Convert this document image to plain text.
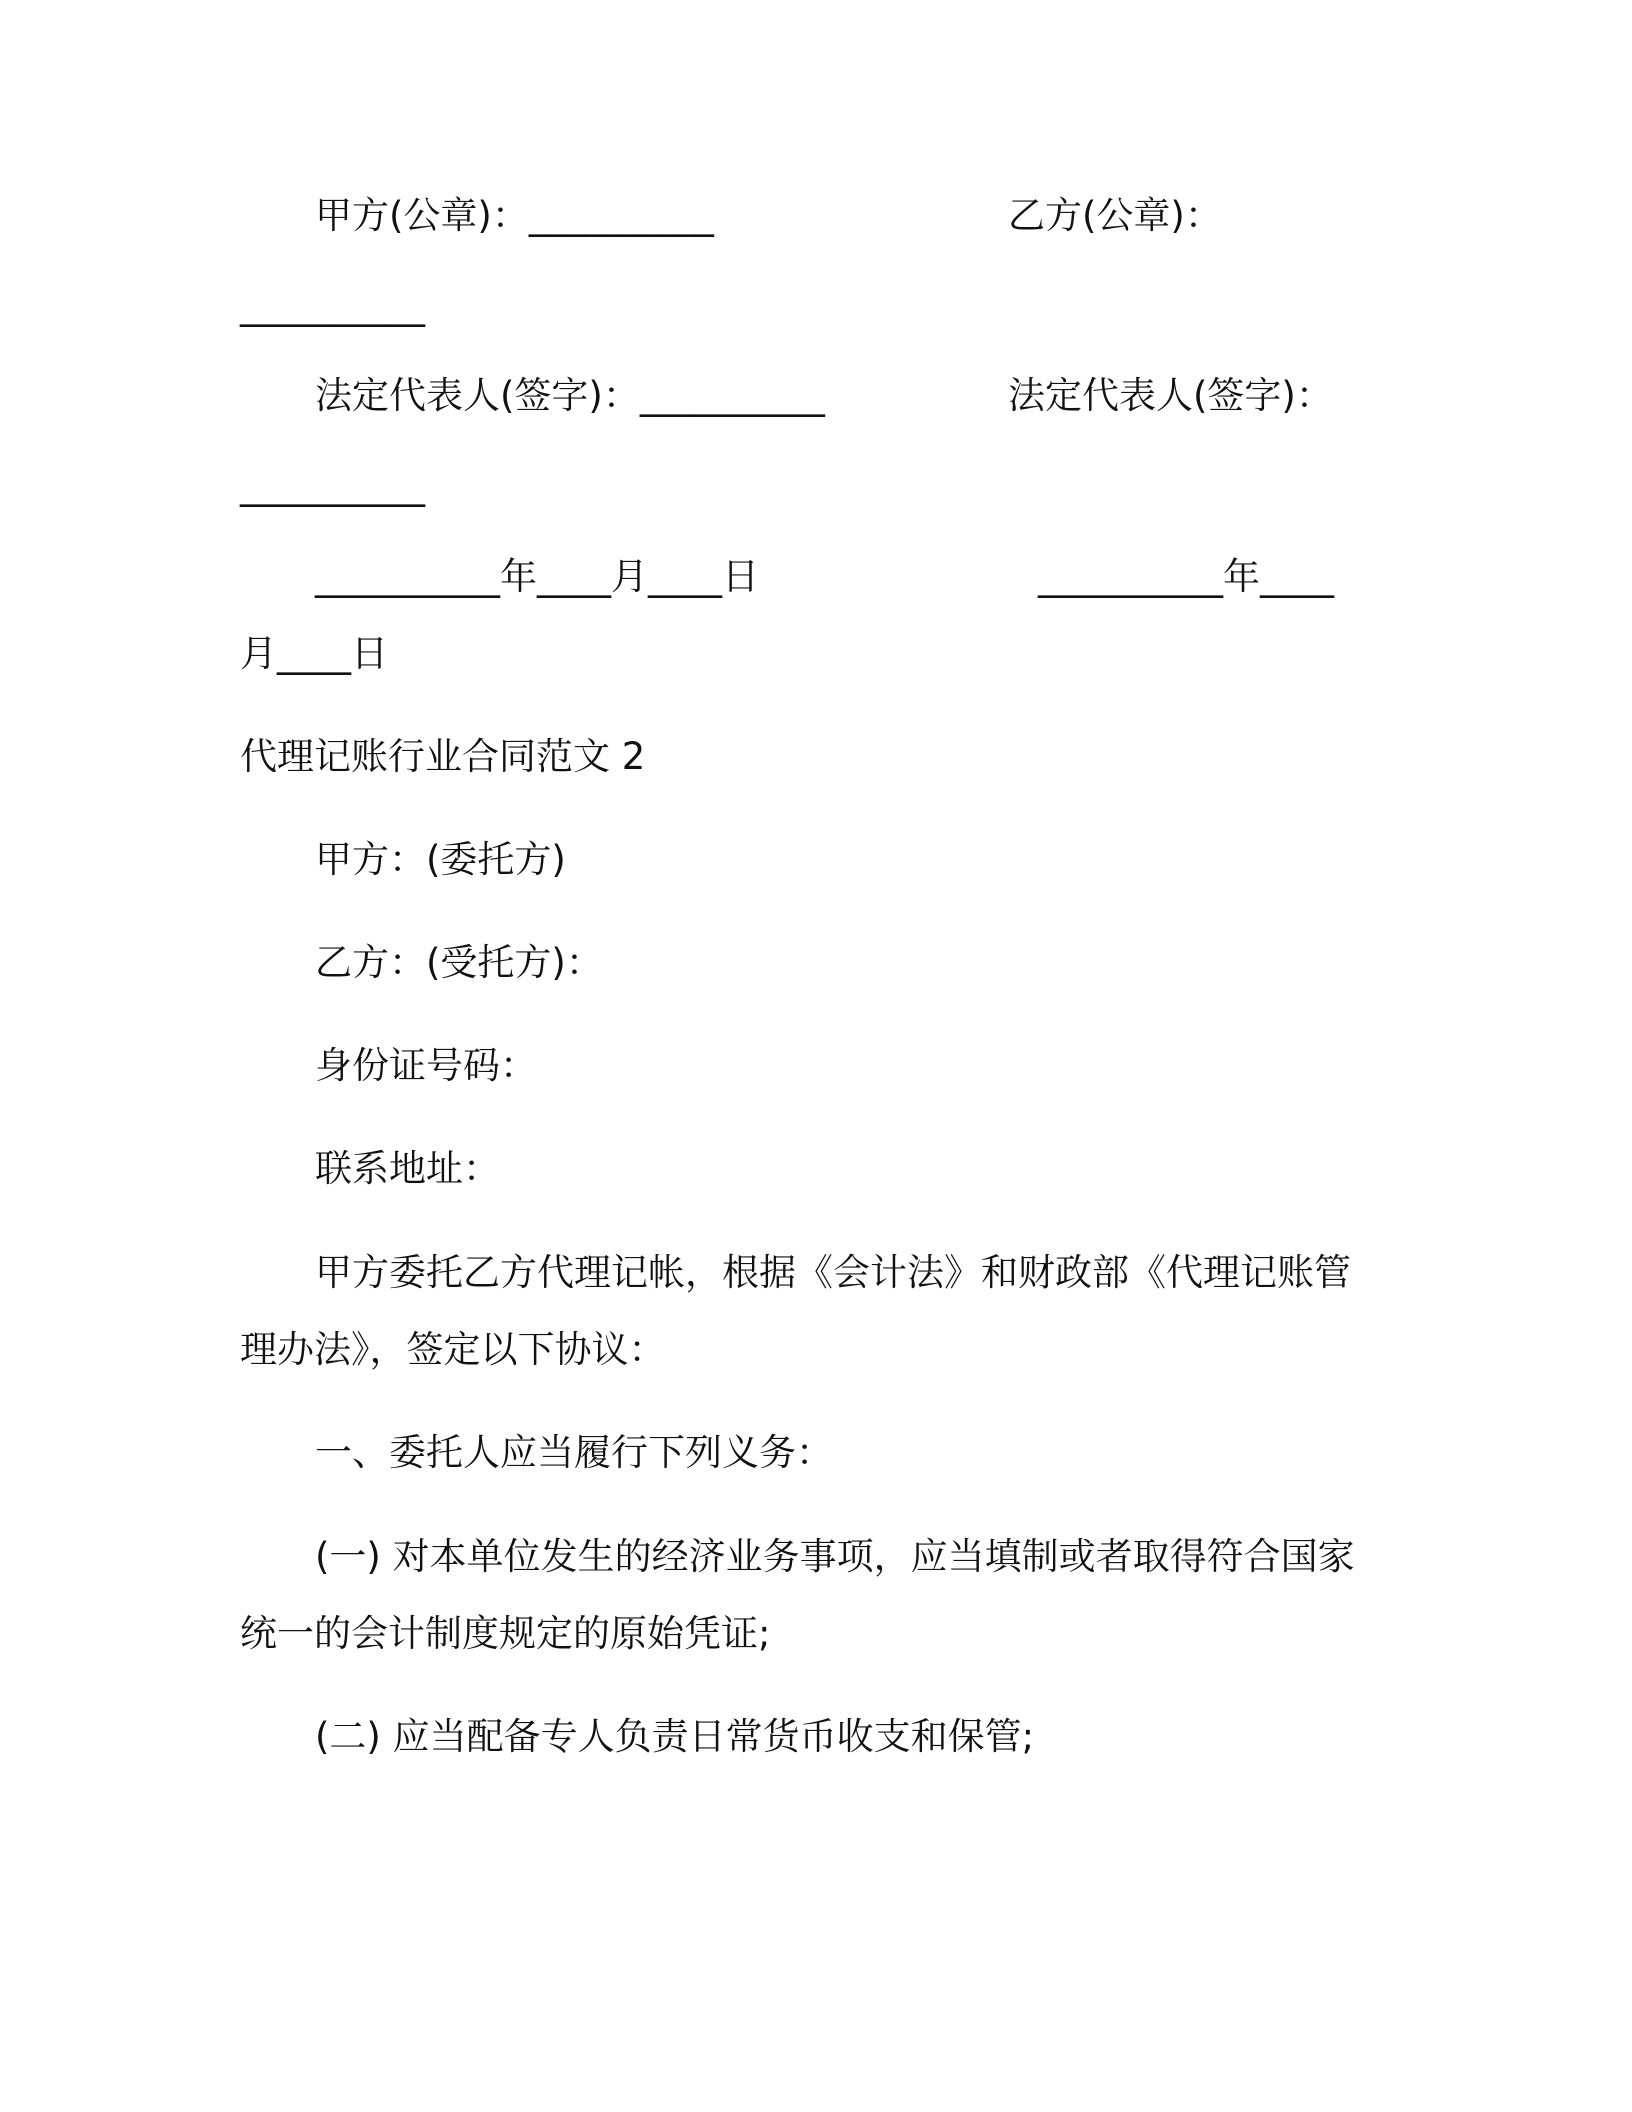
甲方(公章)：__________	乙方(公章)：
__________
法定代表人(签字)：__________	法定代表人(签字)：
__________
__________年____月____日	__________年____
月____日
代理记账行业合同范文 2
甲方：(委托方)
乙方：(受托方)：
身份证号码：
联系地址：
甲方委托乙方代理记帐，根据《会计法》和财政部《代理记账管
理办法》，签定以下协议：
一、委托人应当履行下列义务：
(一) 对本单位发生的经济业务事项，应当填制或者取得符合国家
统一的会计制度规定的原始凭证;
(二) 应当配备专人负责日常货币收支和保管;
